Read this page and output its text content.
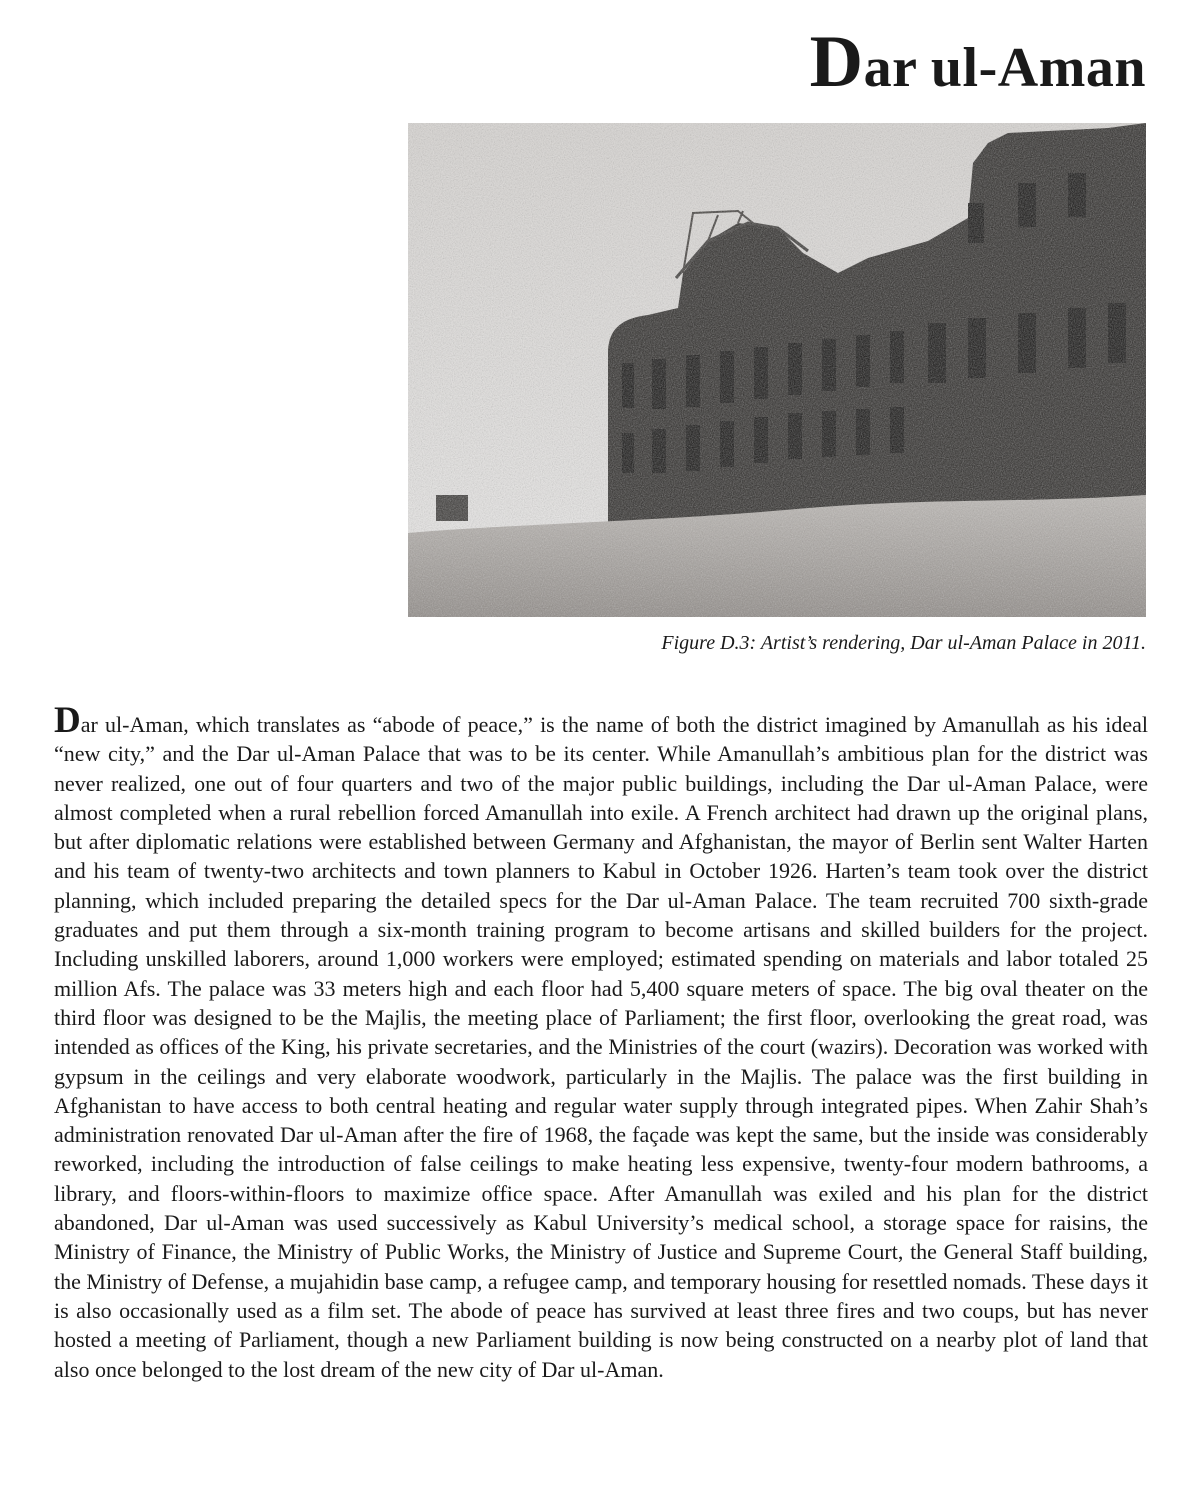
Dar ul-Aman

Figure D.3: Artist’s rendering, Dar ul-Aman Palace in 2011.

Dar ul-Aman, which translates as “abode of peace,” is the name of both the district imagined by Amanullah as his ideal “new city,” and the Dar ul-Aman Palace that was to be its center. While Amanullah’s ambitious plan for the district was never realized, one out of four quarters and two of the major public buildings, including the Dar ul-Aman Palace, were almost completed when a rural rebellion forced Amanullah into exile. A French architect had drawn up the original plans, but after diplomatic relations were established between Germany and Afghanistan, the mayor of Berlin sent Walter Harten and his team of twenty-two architects and town planners to Kabul in October 1926. Harten’s team took over the district planning, which included preparing the detailed specs for the Dar ul-Aman Palace. The team recruited 700 sixth-grade graduates and put them through a six-month training program to become artisans and skilled builders for the project. Including unskilled laborers, around 1,000 workers were employed; estimated spending on materials and labor totaled 25 million Afs. The palace was 33 meters high and each floor had 5,400 square meters of space. The big oval theater on the third floor was designed to be the Majlis, the meeting place of Parliament; the first floor, overlooking the great road, was intended as offices of the King, his private secretaries, and the Ministries of the court (wazirs). Decoration was worked with gypsum in the ceilings and very elaborate woodwork, particularly in the Majlis. The palace was the first building in Afghanistan to have access to both central heating and regular water supply through integrated pipes. When Zahir Shah’s administration renovated Dar ul-Aman after the fire of 1968, the façade was kept the same, but the inside was considerably reworked, including the introduction of false ceilings to make heating less expensive, twenty-four modern bathrooms, a library, and floors-within-floors to maximize office space. After Amanullah was exiled and his plan for the district abandoned, Dar ul-Aman was used successively as Kabul University’s medical school, a storage space for raisins, the Ministry of Finance, the Ministry of Public Works, the Ministry of Justice and Supreme Court, the General Staff building, the Ministry of Defense, a mujahidin base camp, a refugee camp, and temporary housing for resettled nomads. These days it is also occasionally used as a film set. The abode of peace has survived at least three fires and two coups, but has never hosted a meeting of Parliament, though a new Parliament building is now being constructed on a nearby plot of land that also once belonged to the lost dream of the new city of Dar ul-Aman.
